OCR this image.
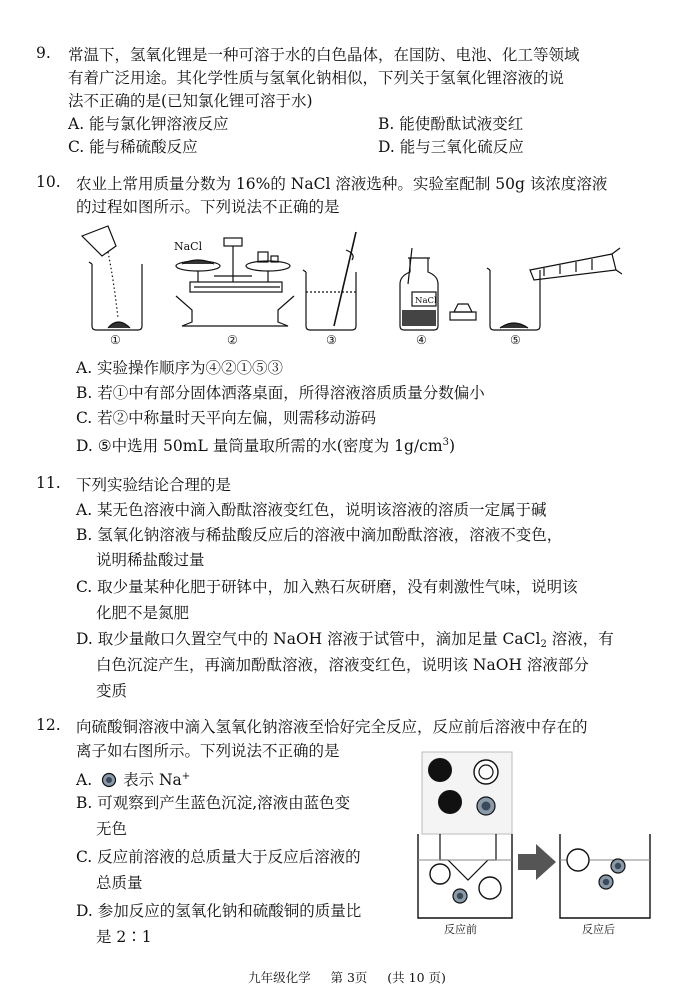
9. 常温下，氢氧化锂是一种可溶于水的白色晶体，在国防、电池、化工等领域
有着广泛用途。其化学性质与氢氧化钠相似，下列关于氢氧化锂溶液的说
法不正确的是(已知氯化锂可溶于水)
A. 能与氯化钾溶液反应	B. 能使酚酞试液变红
C. 能与稀硫酸反应	D. 能与三氧化硫反应
10. 农业上常用质量分数为 16%的 NaCl 溶液选种。实验室配制 50g 该浓度溶液
的过程如图所示。下列说法不正确的是
NaCl
NaCl
①	②	③	④	⑤
A. 实验操作顺序为④②①⑤③
B. 若①中有部分固体洒落桌面，所得溶液溶质质量分数偏小
C. 若②中称量时天平向左偏，则需移动游码
D. ⑤中选用 50mL 量筒量取所需的水(密度为 $1g/cm^3$)
11. 下列实验结论合理的是
A. 某无色溶液中滴入酚酞溶液变红色，说明该溶液的溶质一定属于碱
B. 氢氧化钠溶液与稀盐酸反应后的溶液中滴加酚酞溶液，溶液不变色，
说明稀盐酸过量
C. 取少量某种化肥于研钵中，加入熟石灰研磨，没有刺激性气味，说明该
化肥不是氮肥
D. 取少量敞口久置空气中的 NaOH 溶液于试管中，滴加足量 CaCl$_2$ 溶液，有
白色沉淀产生，再滴加酚酞溶液，溶液变红色，说明该 NaOH 溶液部分
变质
12. 向硫酸铜溶液中滴入氢氧化钠溶液至恰好完全反应，反应前后溶液中存在的
离子如右图所示。下列说法不正确的是
A. 表示 Na+
B. 可观察到产生蓝色沉淀,溶液由蓝色变
无色
C. 反应前溶液的总质量大于反应后溶液的
总质量
D. 参加反应的氢氧化钠和硫酸铜的质量比
是 2∶1	反应前	反应后
九年级化学 第 3页 (共 10 页)
